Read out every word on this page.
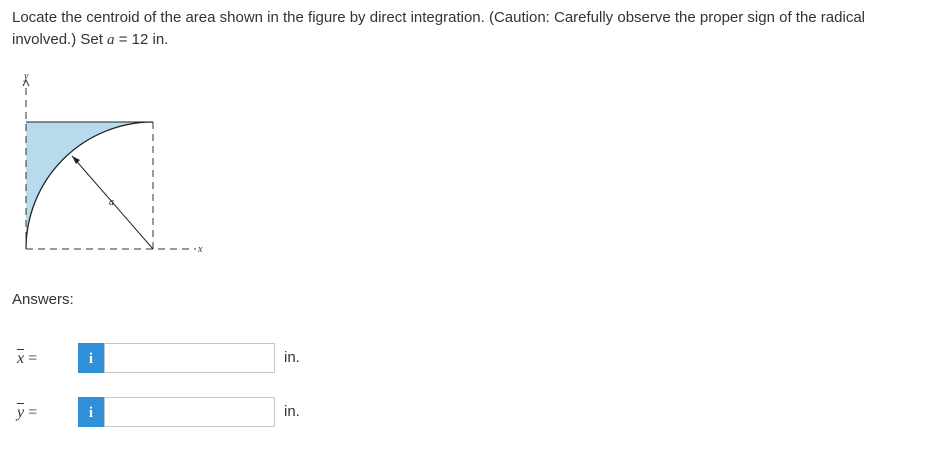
Locate the centroid of the area shown in the figure by direct integration. (Caution: Carefully observe the proper sign of the radical involved.) Set a = 12 in.
y
x
a
Answers:
$\overline{x}$ =	i	in.
$\overline{y}$ =	i	in.
